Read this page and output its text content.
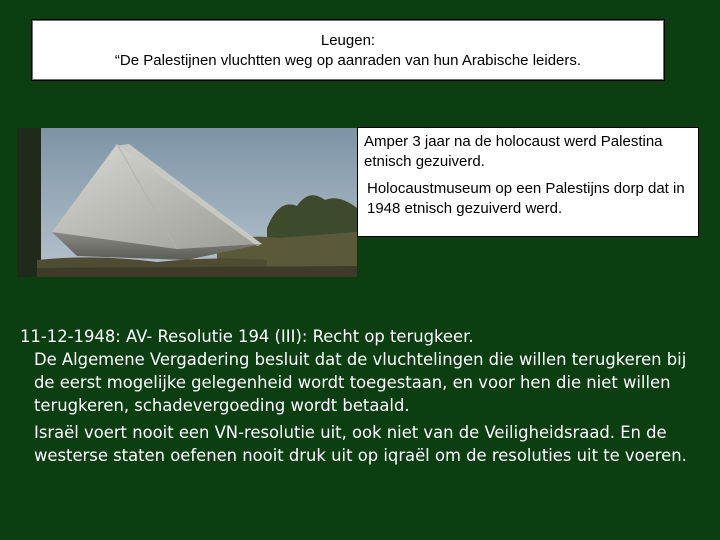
Leugen:
“De Palestijnen vluchtten weg op aanraden van hun Arabische leiders.
Amper 3 jaar na de holocaust werd Palestina etnisch gezuiverd.
Holocaustmuseum op een Palestijns dorp dat in 1948 etnisch gezuiverd werd.
11-12-1948: AV- Resolutie 194 (III): Recht op terugkeer.
De Algemene Vergadering besluit dat de vluchtelingen die willen terugkeren bij de eerst mogelijke gelegenheid wordt toegestaan, en voor hen die niet willen terugkeren, schadevergoeding wordt betaald.
Israël voert nooit een VN-resolutie uit, ook niet van de Veiligheidsraad. En de westerse staten oefenen nooit druk uit op iqraël om de resoluties uit te voeren.
